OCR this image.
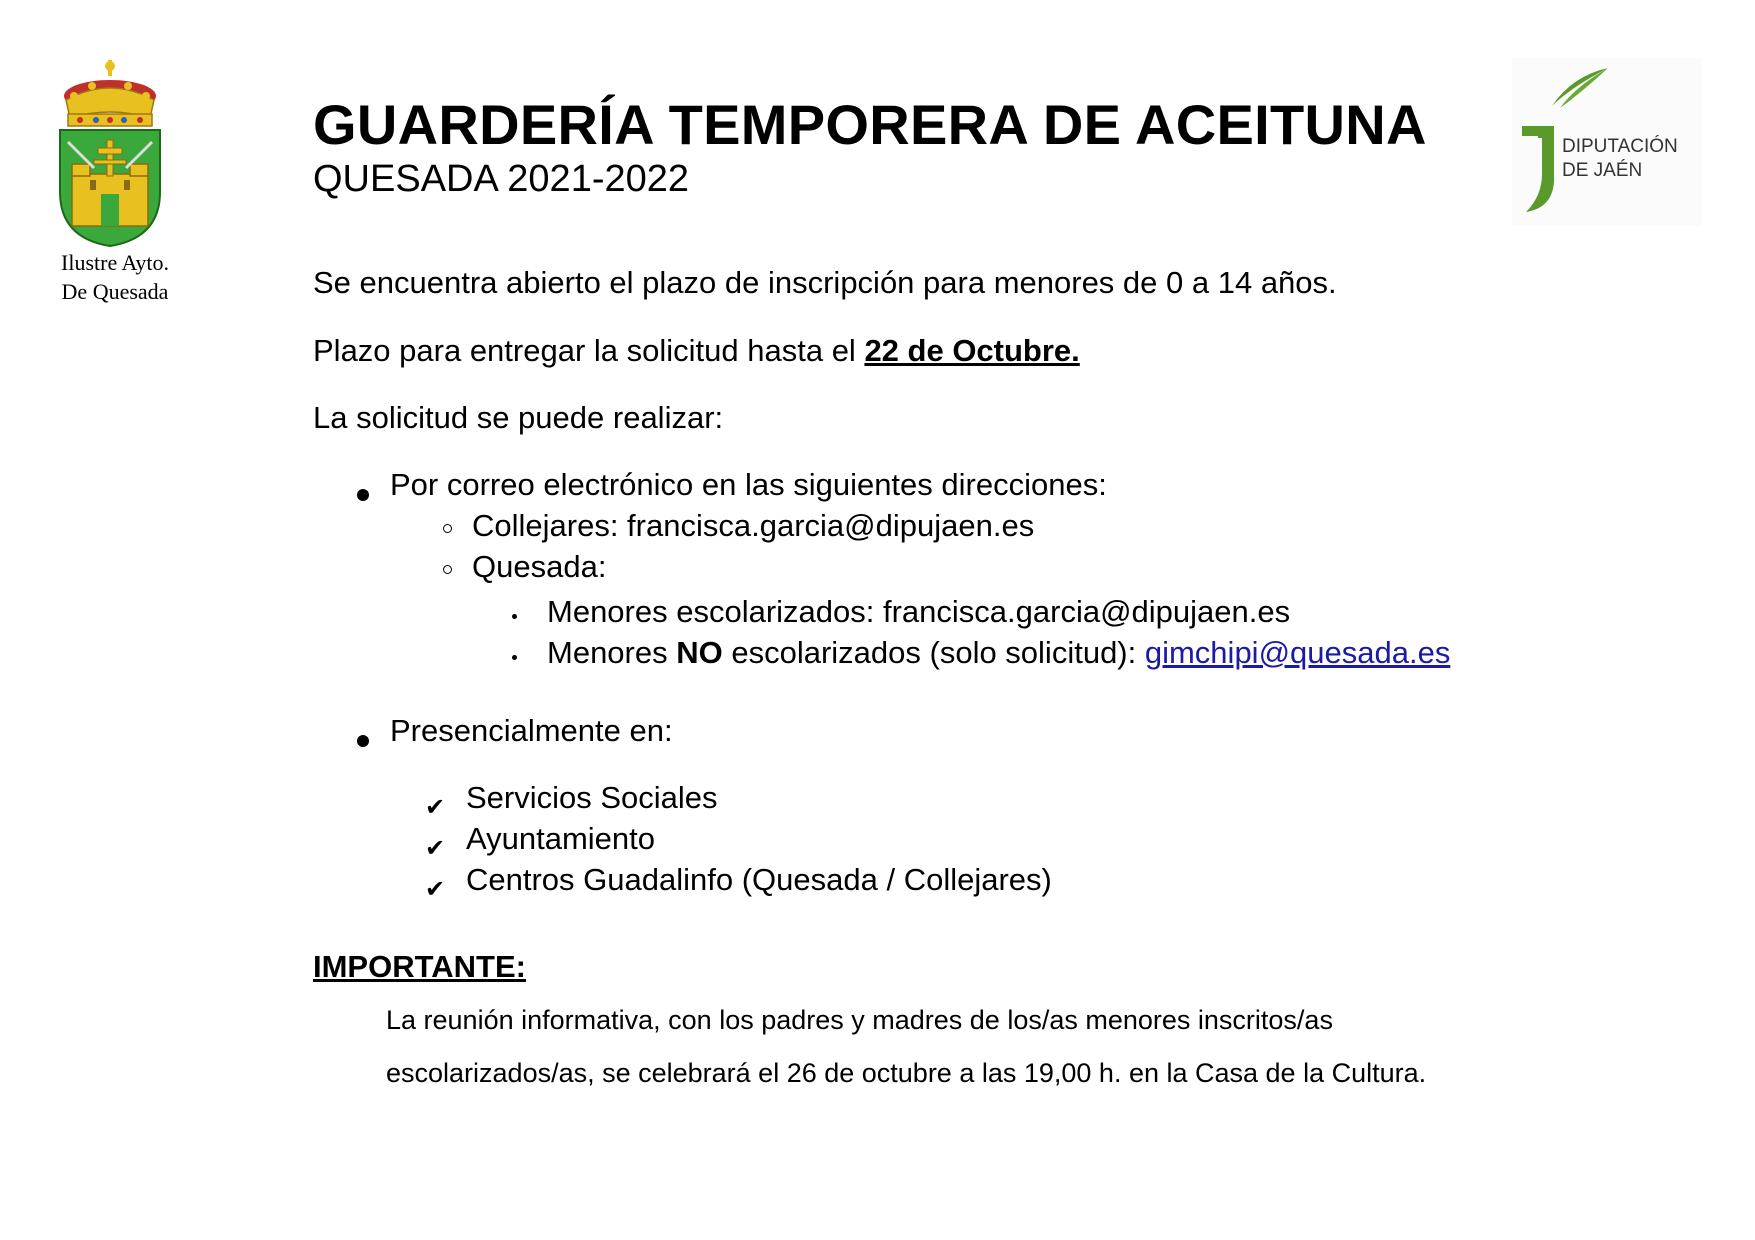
Ilustre Ayto.
De Quesada
DIPUTACIÓN
DE JAÉN
GUARDERÍA TEMPORERA DE ACEITUNA
QUESADA 2021-2022
Se encuentra abierto el plazo de inscripción para menores de 0 a 14 años.
Plazo para entregar la solicitud hasta el 22 de Octubre.
La solicitud se puede realizar:
Por correo electrónico en las siguientes direcciones:
Collejares: francisca.garcia@dipujaen.es
Quesada:
Menores escolarizados: francisca.garcia@dipujaen.es
Menores NO escolarizados (solo solicitud): gimchipi@quesada.es
Presencialmente en:
✔ Servicios Sociales
✔ Ayuntamiento
✔ Centros Guadalinfo (Quesada / Collejares)
IMPORTANTE:
La reunión informativa, con los padres y madres de los/as menores inscritos/as
escolarizados/as, se celebrará el 26 de octubre a las 19,00 h. en la Casa de la Cultura.
